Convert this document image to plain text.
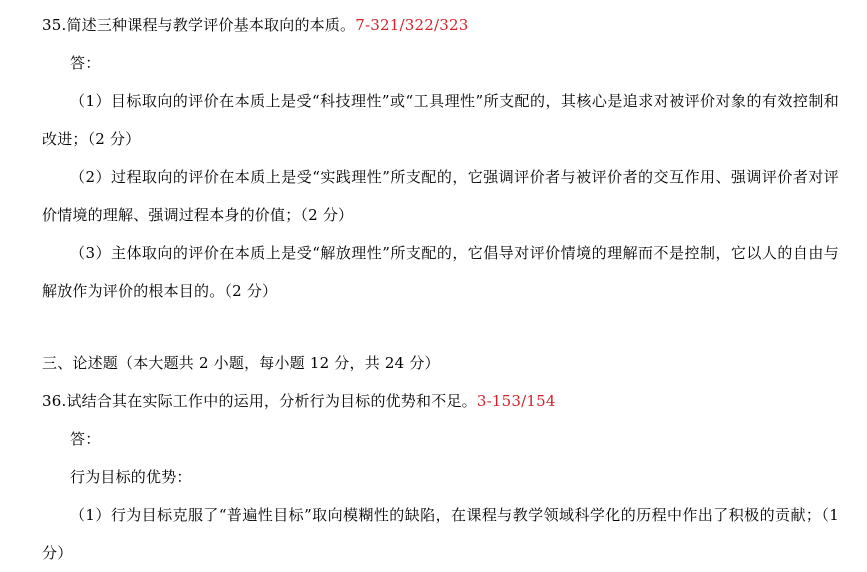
35.简述三种课程与教学评价基本取向的本质。7-321/322/323

答：

（1）目标取向的评价在本质上是受“科技理性”或“工具理性”所支配的，其核心是追求对被评价对象的有效控制和改进；（2 分）

（2）过程取向的评价在本质上是受“实践理性”所支配的，它强调评价者与被评价者的交互作用、强调评价者对评价情境的理解、强调过程本身的价值；（2 分）

（3）主体取向的评价在本质上是受“解放理性”所支配的，它倡导对评价情境的理解而不是控制，它以人的自由与解放作为评价的根本目的。（2 分）

三、论述题（本大题共 2 小题，每小题 12 分，共 24 分）

36.试结合其在实际工作中的运用，分析行为目标的优势和不足。3-153/154

答：

行为目标的优势：

（1）行为目标克服了“普遍性目标”取向模糊性的缺陷，在课程与教学领域科学化的历程中作出了积极的贡献；（1分）
